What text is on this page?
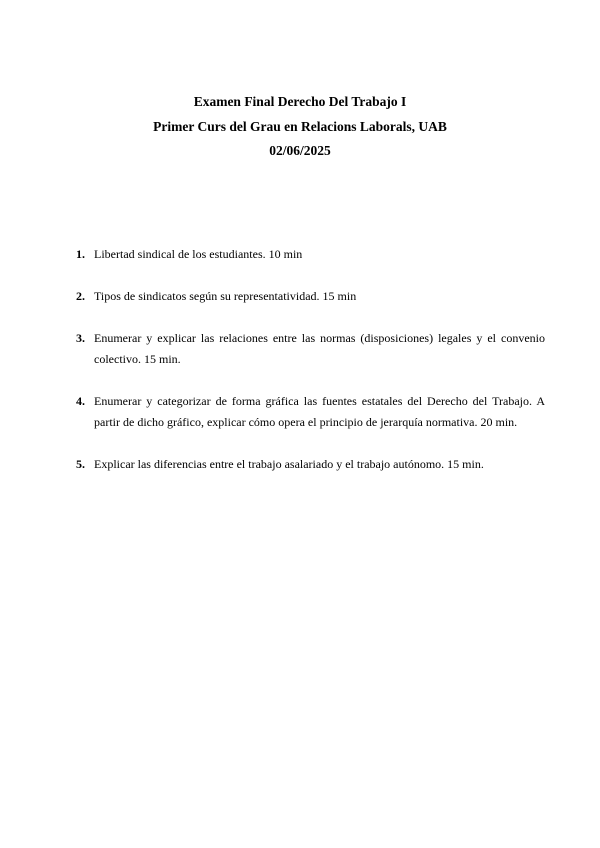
Examen Final Derecho Del Trabajo I
Primer Curs del Grau en Relacions Laborals, UAB
02/06/2025
1. Libertad sindical de los estudiantes. 10 min
2. Tipos de sindicatos según su representatividad. 15 min
3. Enumerar y explicar las relaciones entre las normas (disposiciones) legales y el convenio colectivo. 15 min.
4. Enumerar y categorizar de forma gráfica las fuentes estatales del Derecho del Trabajo. A partir de dicho gráfico, explicar cómo opera el principio de jerarquía normativa. 20 min.
5. Explicar las diferencias entre el trabajo asalariado y el trabajo autónomo. 15 min.
